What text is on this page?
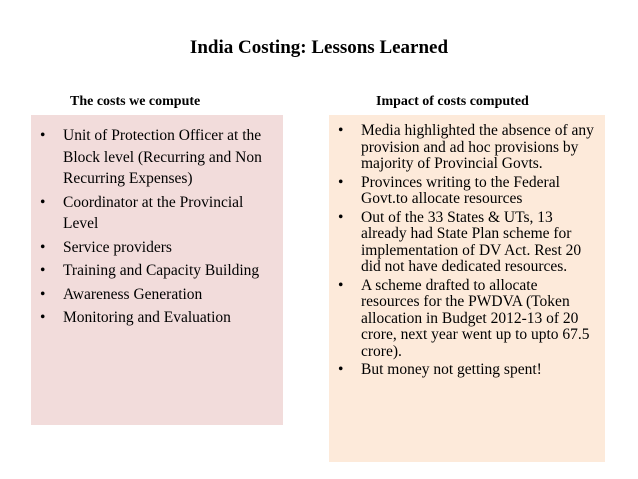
India Costing: Lessons Learned
The costs we compute	Impact of costs computed
• Unit of Protection Officer at the Block level (Recurring and Non Recurring Expenses)
• Coordinator at the Provincial Level
• Service providers
• Training and Capacity Building
• Awareness Generation
• Monitoring and Evaluation
• Media highlighted the absence of any provision and ad hoc provisions by majority of Provincial Govts.
• Provinces writing to the Federal Govt.to allocate resources
• Out of the 33 States & UTs, 13 already had State Plan scheme for implementation of DV Act. Rest 20 did not have dedicated resources.
• A scheme drafted to allocate resources for the PWDVA (Token allocation in Budget 2012-13 of 20 crore, next year went up to upto 67.5 crore).
• But money not getting spent!
